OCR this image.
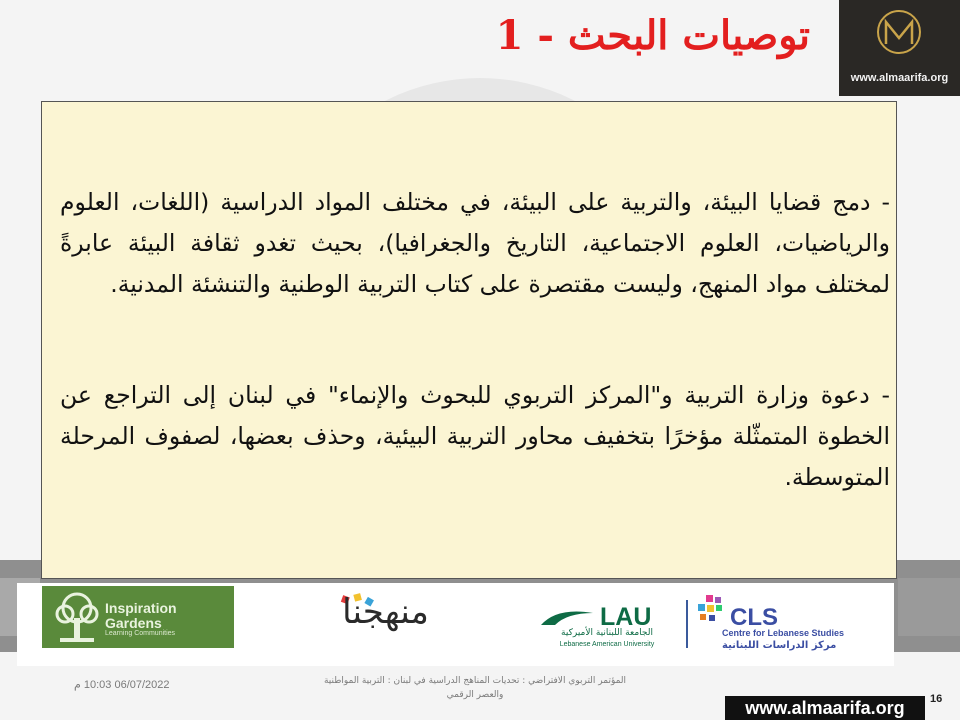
توصيات البحث - 1
www.almaarifa.org
- دمج قضايا البيئة، والتربية على البيئة، في مختلف المواد الدراسية (اللغات، العلوم والرياضيات، العلوم الاجتماعية، التاريخ والجغرافيا)، بحيث تغدو ثقافة البيئة عابرةً لمختلف مواد المنهج، وليست مقتصرة على كتاب التربية الوطنية والتنشئة المدنية.
- دعوة وزارة التربية و"المركز التربوي للبحوث والإنماء" في لبنان إلى التراجع عن الخطوة المتمثّلة مؤخرًا بتخفيف محاور التربية البيئية، وحذف بعضها، لصفوف المرحلة المتوسطة.
Inspiration Gardens
Learning Communities
منهجنا	LAU
الجامعة اللبنانية الأميركية
Lebanese American University
CLS
Centre for Lebanese Studies
مركز الدراسات اللبنانية
06/07/2022 10:03 م	المؤتمر التربوي الافتراضي : تحديات المناهج الدراسية في لبنان : التربية المواطنية والعصر الرقمي	16
www.almaarifa.org
